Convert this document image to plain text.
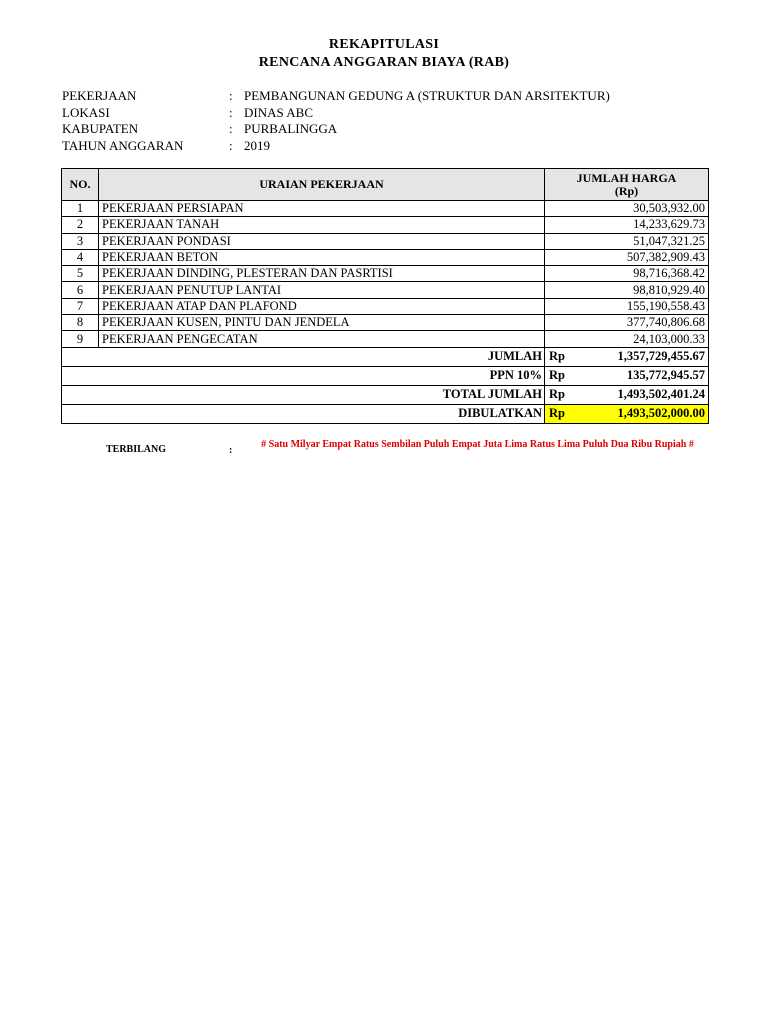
REKAPITULASI
RENCANA ANGGARAN BIAYA (RAB)
PEKERJAAN	: PEMBANGUNAN GEDUNG A (STRUKTUR DAN ARSITEKTUR)
LOKASI	: DINAS ABC
KABUPATEN	: PURBALINGGA
TAHUN ANGGARAN	: 2019
NO.	URAIAN PEKERJAAN	JUMLAH HARGA
(Rp)	

1	PEKERJAAN PERSIAPAN	30,503,932.00	
2	PEKERJAAN TANAH	14,233,629.73	
3	PEKERJAAN PONDASI	51,047,321.25	
4	PEKERJAAN BETON	507,382,909.43	
5	PEKERJAAN DINDING, PLESTERAN DAN PASRTISI	98,716,368.42	
6	PEKERJAAN PENUTUP LANTAI	98,810,929.40	
7	PEKERJAAN ATAP DAN PLAFOND	155,190,558.43	
8	PEKERJAAN KUSEN, PINTU DAN JENDELA	377,740,806.68	
9	PEKERJAAN PENGECATAN	24,103,000.33	
JUMLAH		Rp	1,357,729,455.67
PPN 10%		Rp	135,772,945.57
TOTAL JUMLAH		Rp	1,493,502,401.24
DIBULATKAN		Rp	1,493,502,000.00
TERBILANG	:
# Satu Milyar Empat Ratus Sembilan Puluh Empat Juta Lima Ratus Lima Puluh Dua Ribu Rupiah #
